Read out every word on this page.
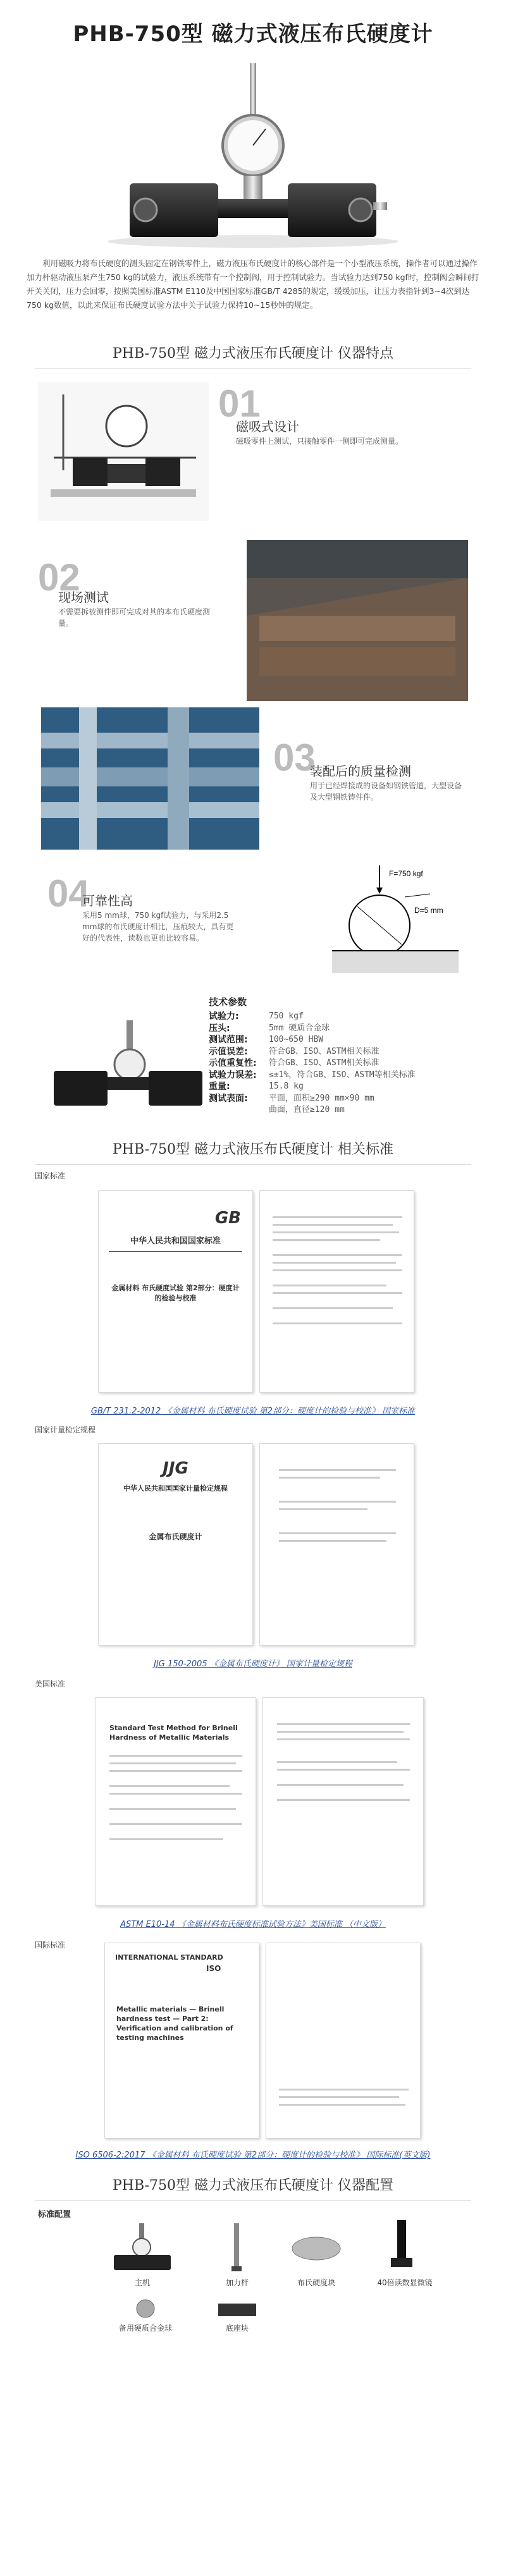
PHB-750型 磁力式液压布氏硬度计
利用磁吸力将布氏硬度的测头固定在钢铁零件上，磁力液压布氏硬度计的核心部件是一个小型液压系统，操作者可以通过操作加力杆驱动液压泵产生750 kg的试验力，液压系统带有一个控制阀，用于控制试验力。当试验力达到750 kgf时，控制阀会瞬间打开关关闭，压力会回零，按照美国标准ASTM E110及中国国家标准GB/T 4285的规定，缓缓加压，让压力表指针到3~4次到达750 kg数值，以此来保证布氏硬度试验方法中关于试验力保持10~15秒钟的规定。
PHB-750型 磁力式液压布氏硬度计 仪器特点
01
磁吸式设计
磁吸零件上测试，只接触零件一侧即可完成测量。
02
现场测试
不需要拆被测件即可完成对其的本布氏硬度测量。
03
装配后的质量检测
用于已经焊接成的设备如钢铁管道，大型设备及大型钢铁铸件件。
04
可靠性高
采用5 mm球，750 kgf试验力，与采用2.5 mm球的布氏硬度计相比，压痕较大，具有更好的代表性，读数也更也比较容易。
F=750 kgf
D=5 mm
技术参数
试验力:	750 kgf
压头:	5mm 硬质合金球
测试范围:	100~650 HBW
示值误差:	符合GB、ISO、ASTM相关标准
示值重复性:	符合GB、ISO、ASTM相关标准
试验力误差:	≤±1%，符合GB、ISO、ASTM等相关标准
重量:	15.8 kg
测试表面:	平面，面积≥290 mm×90 mm
曲面，直径≥120 mm
PHB-750型 磁力式液压布氏硬度计 相关标准
国家标准
GB
中华人民共和国国家标准
金属材料 布氏硬度试验 第2部分：硬度计的检验与校准
GB/T 231.2-2012 《金属材料 布氏硬度试验 第2部分：硬度计的检验与校准》 国家标准
国家计量检定规程
JJG
中华人民共和国国家计量检定规程
金属布氏硬度计
JJG 150-2005 《金属布氏硬度计》 国家计量检定规程
美国标准
Standard Test Method for Brinell Hardness of Metallic Materials
ASTM E10-14 《金属材料布氏硬度标准试验方法》美国标准 （中文版）
国际标准
INTERNATIONAL STANDARD
ISO
Metallic materials — Brinell hardness test — Part 2: Verification and calibration of testing machines
ISO 6506-2:2017 《金属材料 布氏硬度试验 第2部分：硬度计的检验与校准》 国际标准(英文版)
PHB-750型 磁力式液压布氏硬度计 仪器配置
标准配置
主机	加力杆	布氏硬度块	40倍读数显微镜
备用硬质合金球	底座块
